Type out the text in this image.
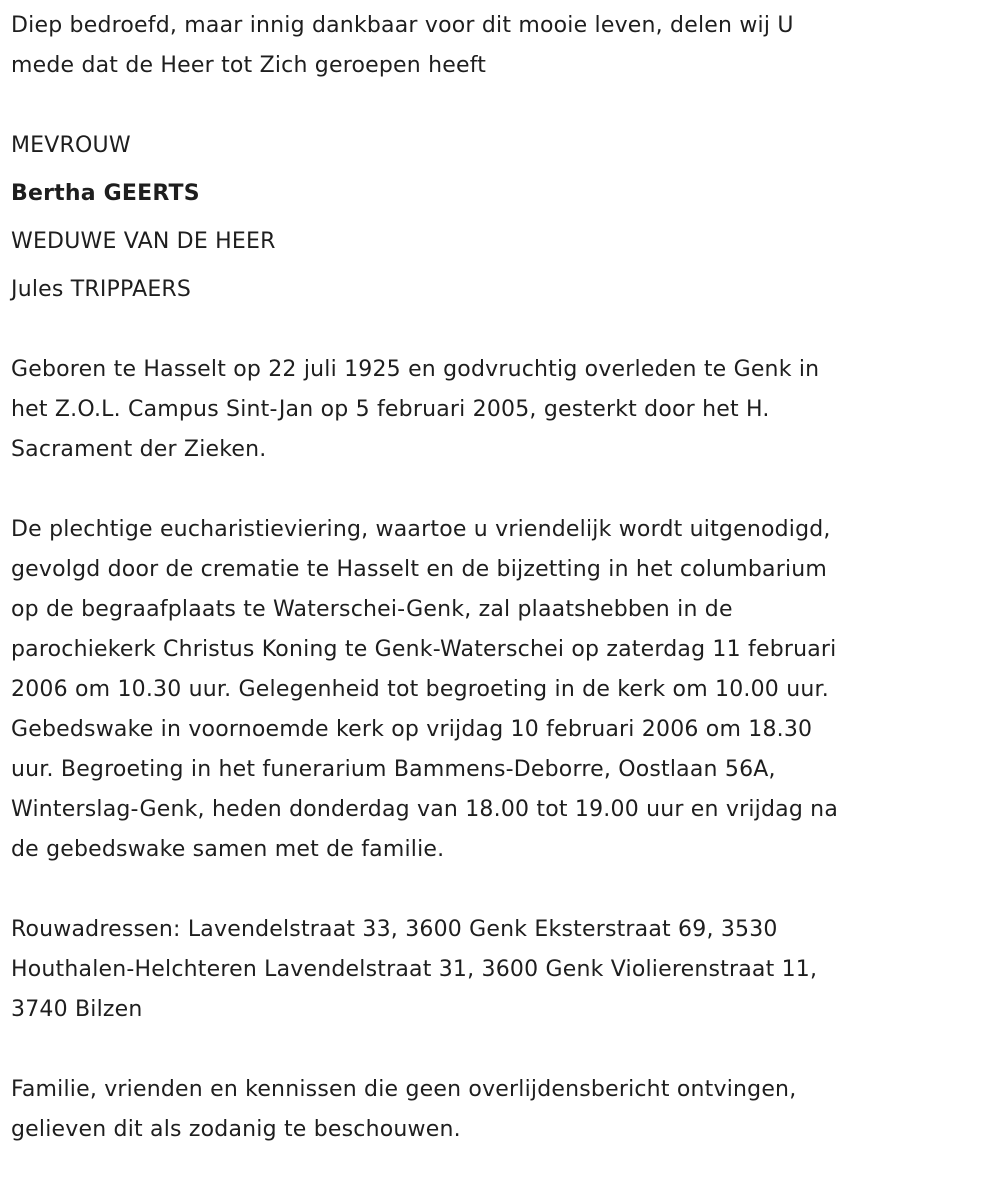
Diep bedroefd, maar innig dankbaar voor dit mooie leven, delen wij U
mede dat de Heer tot Zich geroepen heeft
MEVROUW
Bertha GEERTS
WEDUWE VAN DE HEER
Jules TRIPPAERS
Geboren te Hasselt op 22 juli 1925 en godvruchtig overleden te Genk in
het Z.O.L. Campus Sint-Jan op 5 februari 2005, gesterkt door het H.
Sacrament der Zieken.
De plechtige eucharistieviering, waartoe u vriendelijk wordt uitgenodigd,
gevolgd door de crematie te Hasselt en de bijzetting in het columbarium
op de begraafplaats te Waterschei-Genk, zal plaatshebben in de
parochiekerk Christus Koning te Genk-Waterschei op zaterdag 11 februari
2006 om 10.30 uur. Gelegenheid tot begroeting in de kerk om 10.00 uur.
Gebedswake in voornoemde kerk op vrijdag 10 februari 2006 om 18.30
uur. Begroeting in het funerarium Bammens-Deborre, Oostlaan 56A,
Winterslag-Genk, heden donderdag van 18.00 tot 19.00 uur en vrijdag na
de gebedswake samen met de familie.
Rouwadressen: Lavendelstraat 33, 3600 Genk Eksterstraat 69, 3530
Houthalen-Helchteren Lavendelstraat 31, 3600 Genk Violierenstraat 11,
3740 Bilzen
Familie, vrienden en kennissen die geen overlijdensbericht ontvingen,
gelieven dit als zodanig te beschouwen.
